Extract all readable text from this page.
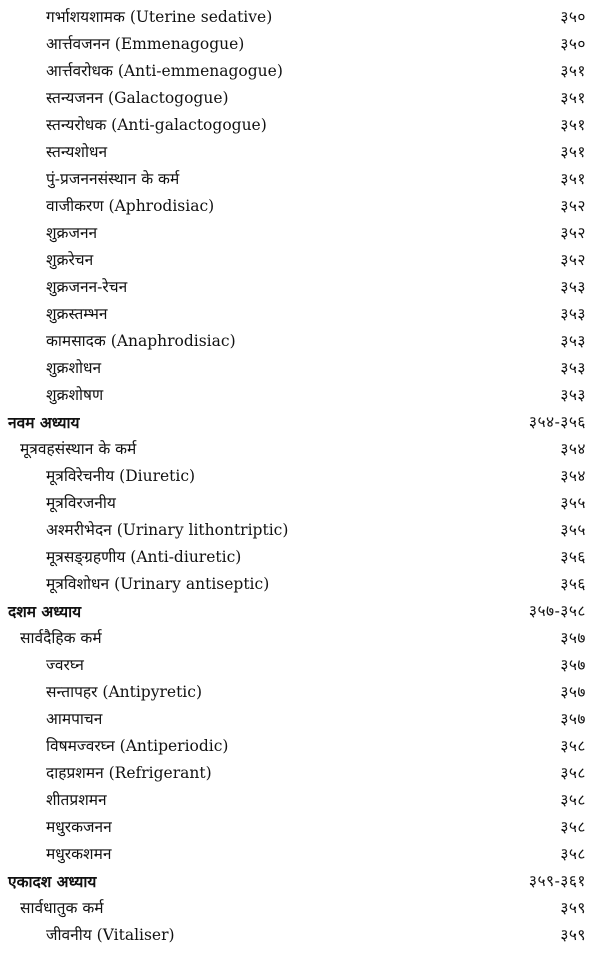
गर्भाशयशामक (Uterine sedative)	३५०
आर्त्तवजनन (Emmenagogue)	३५०
आर्त्तवरोधक (Anti-emmenagogue)	३५१
स्तन्यजनन (Galactogogue)	३५१
स्तन्यरोधक (Anti-galactogogue)	३५१
स्तन्यशोधन	३५१
पुं-प्रजननसंस्थान के कर्म	३५१
वाजीकरण (Aphrodisiac)	३५२
शुक्रजनन	३५२
शुक्ररेचन	३५२
शुक्रजनन-रेचन	३५३
शुक्रस्तम्भन	३५३
कामसादक (Anaphrodisiac)	३५३
शुक्रशोधन	३५३
शुक्रशोषण	३५३
नवम अध्याय	३५४-३५६
मूत्रवहसंस्थान के कर्म	३५४
मूत्रविरेचनीय (Diuretic)	३५४
मूत्रविरजनीय	३५५
अश्मरीभेदन (Urinary lithontriptic)	३५५
मूत्रसङ्ग्रहणीय (Anti-diuretic)	३५६
मूत्रविशोधन (Urinary antiseptic)	३५६
दशम अध्याय	३५७-३५८
सार्वदैहिक कर्म	३५७
ज्वरघ्न	३५७
सन्तापहर (Antipyretic)	३५७
आमपाचन	३५७
विषमज्वरघ्न (Antiperiodic)	३५८
दाहप्रशमन (Refrigerant)	३५८
शीतप्रशमन	३५८
मधुरकजनन	३५८
मधुरकशमन	३५८
एकादश अध्याय	३५९-३६१
सार्वधातुक कर्म	३५९
जीवनीय (Vitaliser)	३५९
